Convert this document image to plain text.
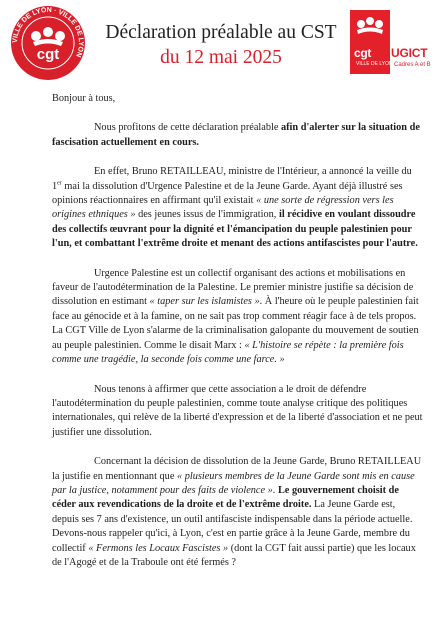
VILLE DE LYON · VILLE DE LYON
cgt	cgt UGICT
Cadres A et B
VILLE DE LYON
Déclaration préalable au CST
du 12 mai 2025

Bonjour à tous,

Nous profitons de cette déclaration préalable afin d'alerter sur la situation de fascisation actuellement en cours.

En effet, Bruno RETAILLEAU, ministre de l'Intérieur, a annoncé la veille du 1er mai la dissolution d'Urgence Palestine et de la Jeune Garde. Ayant déjà illustré ses opinions réactionnaires en affirmant qu'il existait « une sorte de régression vers les origines ethniques » des jeunes issus de l'immigration, il récidive en voulant dissoudre des collectifs œuvrant pour la dignité et l'émancipation du peuple palestinien pour l'un, et combattant l'extrême droite et menant des actions antifascistes pour l'autre.

Urgence Palestine est un collectif organisant des actions et mobilisations en faveur de l'autodétermination de la Palestine. Le premier ministre justifie sa décision de dissolution en estimant « taper sur les islamistes ». À l'heure où le peuple palestinien fait face au génocide et à la famine, on ne sait pas trop comment réagir face à de tels propos. La CGT Ville de Lyon s'alarme de la criminalisation galopante du mouvement de soutien au peuple palestinien. Comme le disait Marx : « L'histoire se répète : la première fois comme une tragédie, la seconde fois comme une farce. »

Nous tenons à affirmer que cette association a le droit de défendre l'autodétermination du peuple palestinien, comme toute analyse critique des politiques internationales, qui relève de la liberté d'expression et de la liberté d'association et ne peut justifier une dissolution.

Concernant la décision de dissolution de la Jeune Garde, Bruno RETAILLEAU la justifie en mentionnant que « plusieurs membres de la Jeune Garde sont mis en cause par la justice, notamment pour des faits de violence ». Le gouvernement choisit de céder aux revendications de la droite et de l'extrême droite. La Jeune Garde est, depuis ses 7 ans d'existence, un outil antifasciste indispensable dans la période actuelle. Devons-nous rappeler qu'ici, à Lyon, c'est en partie grâce à la Jeune Garde, membre du collectif « Fermons les Locaux Fascistes » (dont la CGT fait aussi partie) que les locaux de l'Agogé et de la Traboule ont été fermés ?
